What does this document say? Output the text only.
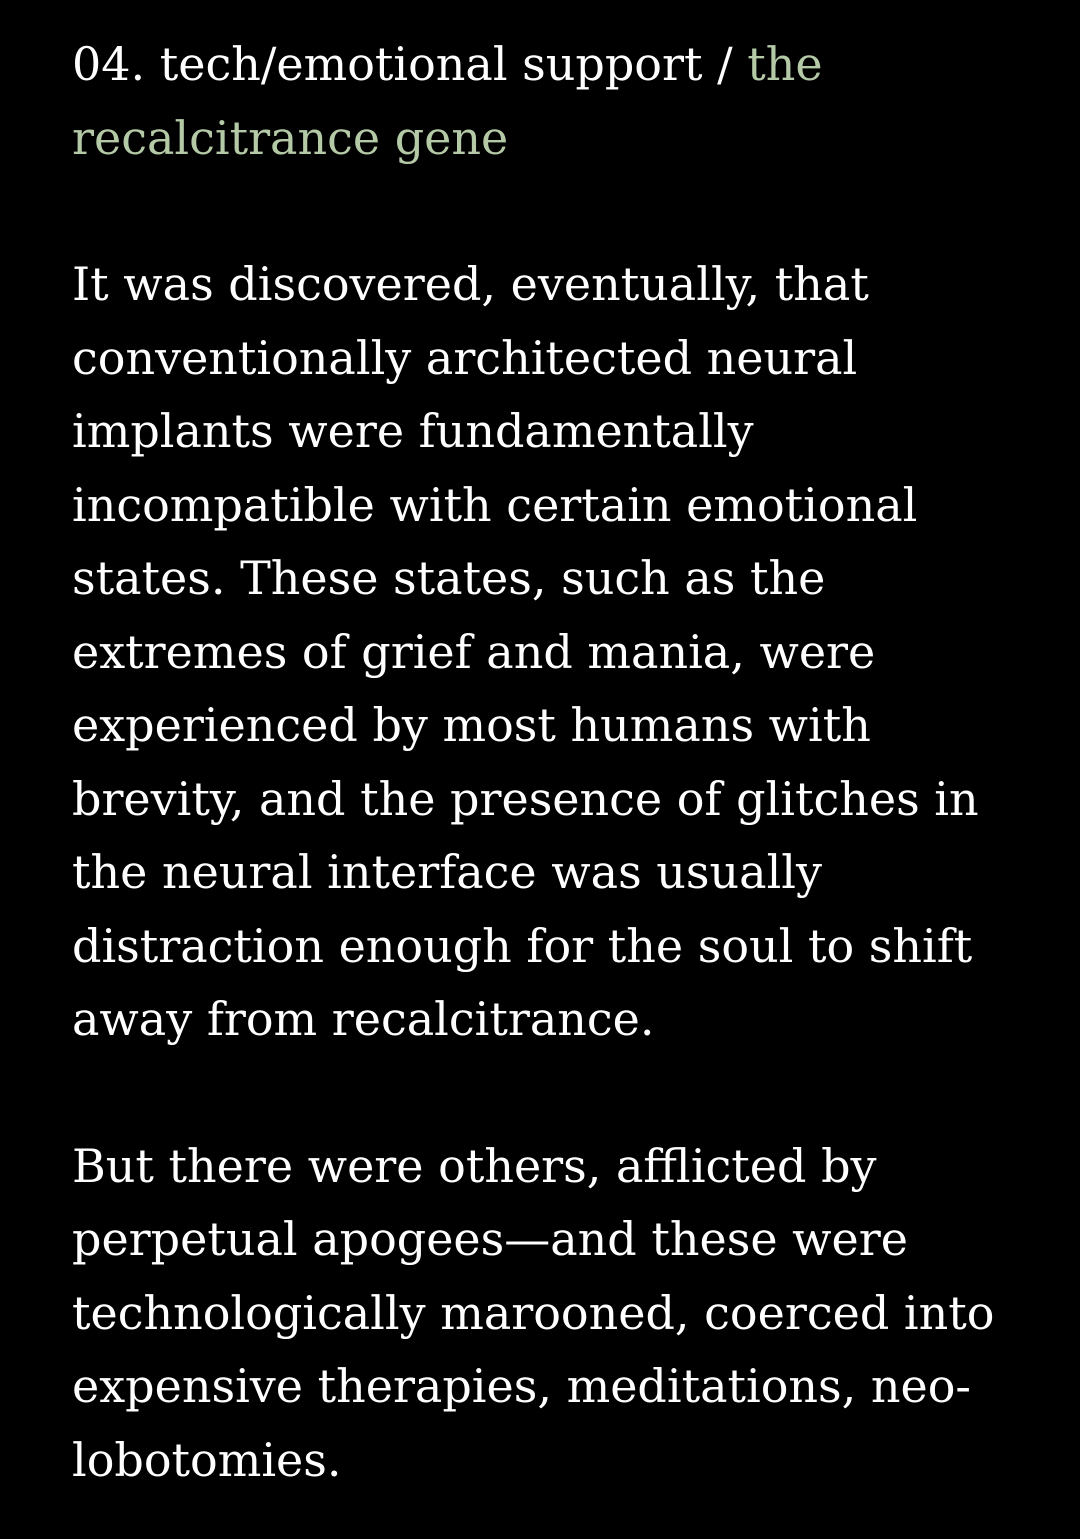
04. tech/emotional support / the recalcitrance gene

It was discovered, eventually, that conventionally architected neural implants were fundamentally incompatible with certain emotional states. These states, such as the extremes of grief and mania, were experienced by most humans with brevity, and the presence of glitches in the neural interface was usually distraction enough for the soul to shift away from recalcitrance.

But there were others, afflicted by perpetual apogees—and these were technologically marooned, coerced into expensive therapies, meditations, neo-lobotomies.
